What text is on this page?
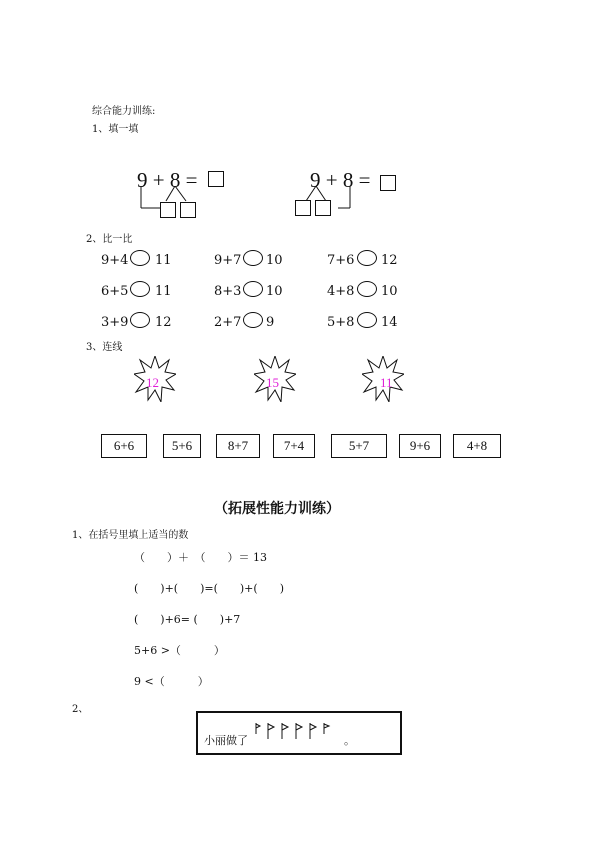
综合能力训练:
1、填一填
9 + 8 =	9 + 8 =
2、比一比
9+4 11	9+7 10	7+6 12
6+5 11	8+3 10	4+8 10
3+9 12	2+7 9	5+8 14
3、连线
12	15	11
6+6	5+6	8+7	7+4	5+7	9+6	4+8
（拓展性能力训练）
1、在括号里填上适当的数
（　　）＋　（　　）＝ 13
(　　)+(　　)=(　　)+(　　)
(　　)+6= (　　)+7
5+6 >（　　　）
9 <（　　　）
2、
小丽做了	。
